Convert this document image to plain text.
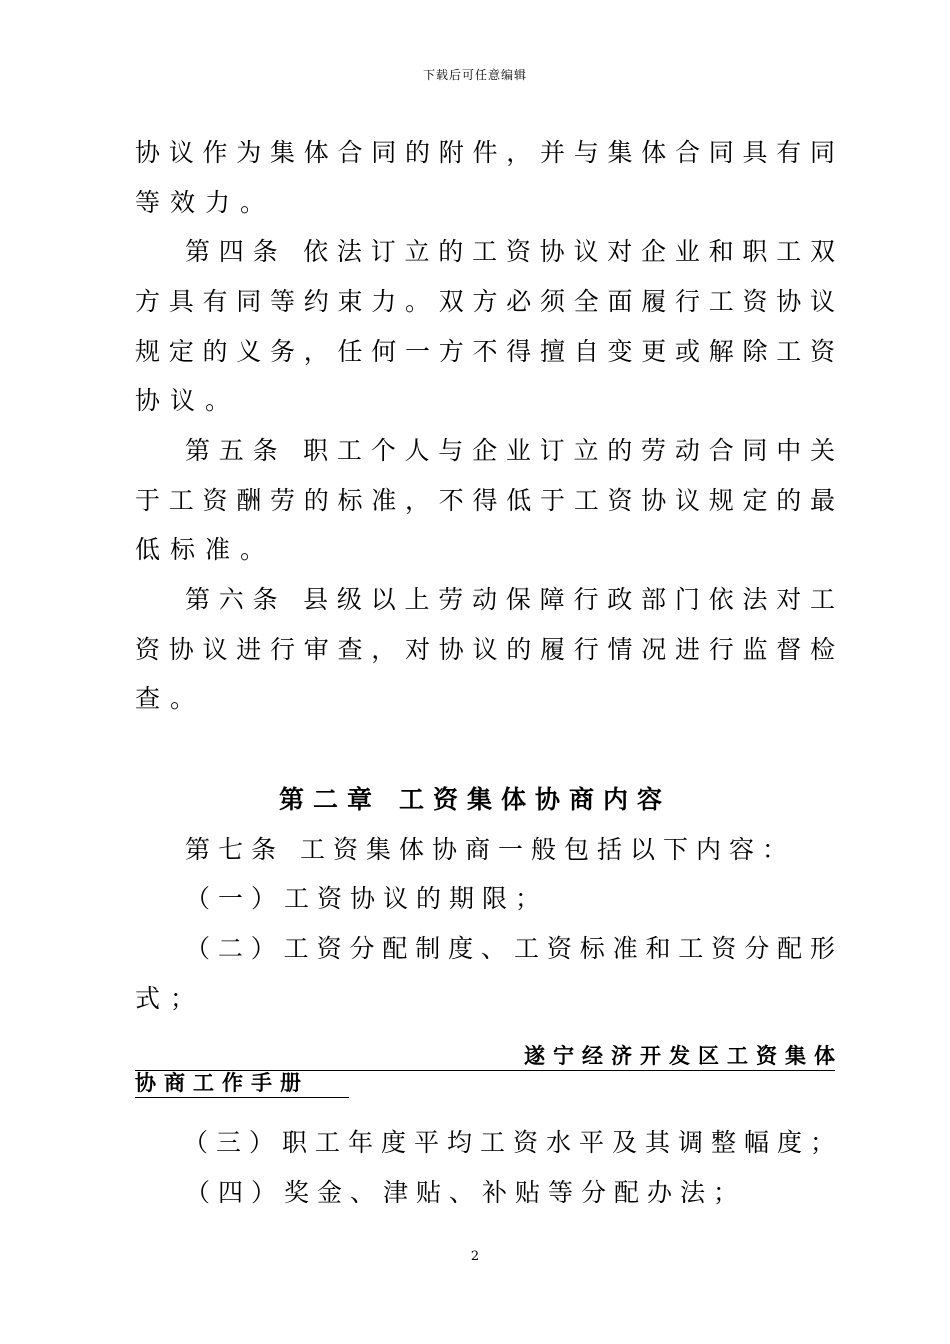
下载后可任意编辑
协议作为集体合同的附件，并与集体合同具有同
等效力。
第四条 依法订立的工资协议对企业和职工双
方具有同等约束力。双方必须全面履行工资协议
规定的义务，任何一方不得擅自变更或解除工资
协议。
第五条 职工个人与企业订立的劳动合同中关
于工资酬劳的标准，不得低于工资协议规定的最
低标准。
第六条 县级以上劳动保障行政部门依法对工
资协议进行审查，对协议的履行情况进行监督检
查。
第二章 工资集体协商内容
第七条 工资集体协商一般包括以下内容：
（一）工资协议的期限；
（二）工资分配制度、工资标准和工资分配形
式；
遂宁经济开发区工资集体
协商工作手册
（三）职工年度平均工资水平及其调整幅度；
（四）奖金、津贴、补贴等分配办法；
2
